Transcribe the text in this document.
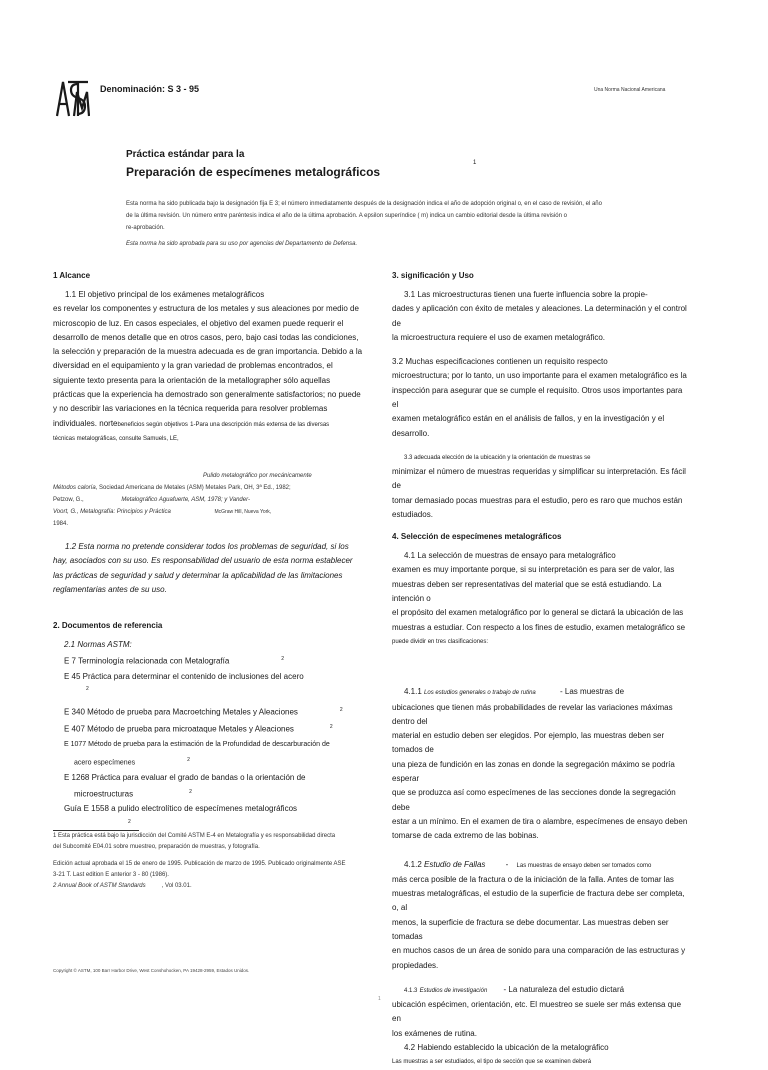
Denominación: S 3 - 95	Una Norma Nacional Americana
Práctica estándar para la
Preparación de especímenes metalográficos
1
Esta norma ha sido publicada bajo la designación fija E 3; el número inmediatamente después de la designación indica el año de adopción original o, en el caso de revisión, el año
de la última revisión. Un número entre paréntesis indica el año de la última aprobación. A epsilon superíndice ( m) indica un cambio editorial desde la última revisión o
re-aprobación.
Esta norma ha sido aprobada para su uso por agencias del Departamento de Defensa.
1 Alcance
1.1 El objetivo principal de los exámenes metalográficos
es revelar los componentes y estructura de los metales y sus aleaciones por medio de
microscopio de luz. En casos especiales, el objetivo del examen puede requerir el
desarrollo de menos detalle que en otros casos, pero, bajo casi todas las condiciones,
la selección y preparación de la muestra adecuada es de gran importancia. Debido a la
diversidad en el equipamiento y la gran variedad de problemas encontrados, el
siguiente texto presenta para la orientación de la metallographer sólo aquellas
prácticas que la experiencia ha demostrado son generalmente satisfactorios; no puede
y no describir las variaciones en la técnica requerida para resolver problemas
individuales. nortebeneficios según objetivos 1-Para una descripción más extensa de las diversas
técnicas metalográficas, consulte Samuels, LE,
Pulido metalográfico por mecánicamente
Métodos caloría, Sociedad Americana de Metales (ASM) Metales Park, OH, 3ª Ed., 1982;
Petzow, G.,	Metalográfico Aguafuerte, ASM, 1978; y Vander-
Voort, G., Metalografía: Principios y Práctica	McGraw Hill, Nueva York,
1984.
1.2 Esta norma no pretende considerar todos los problemas de seguridad, si los
hay, asociados con su uso. Es responsabilidad del usuario de esta norma establecer
las prácticas de seguridad y salud y determinar la aplicabilidad de las limitaciones
reglamentarias antes de su uso.
2. Documentos de referencia
2.1 Normas ASTM:
E 7 Terminología relacionada con Metalografía	$^2$
E 45 Práctica para determinar el contenido de inclusiones del acero
$^2$
E 340 Método de prueba para Macroetching Metales y Aleaciones	$^2$
E 407 Método de prueba para microataque Metales y Aleaciones	$^2$
E 1077 Método de prueba para la estimación de la Profundidad de descarburación de
acero especímenes	$^2$
E 1268 Práctica para evaluar el grado de bandas o la orientación de
microestructuras	$^2$
Guía E 1558 a pulido electrolítico de especímenes metalográficos
$^2$
1 Esta práctica está bajo la jurisdicción del Comité ASTM E-4 en Metalografía y es responsabilidad directa
del Subcomité E04.01 sobre muestreo, preparación de muestras, y fotografía.
Edición actual aprobada el 15 de enero de 1995. Publicación de marzo de 1995. Publicado originalmente ASE
3-21 T. Last edition E anterior 3 - 80 (1986).
2 Annual Book of ASTM Standards	, Vol 03.01.
3. significación y Uso
3.1 Las microestructuras tienen una fuerte influencia sobre la propie-
dades y aplicación con éxito de metales y aleaciones. La determinación y el control de
la microestructura requiere el uso de examen metalográfico.
3.2 Muchas especificaciones contienen un requisito respecto
microestructura; por lo tanto, un uso importante para el examen metalográfico es la
inspección para asegurar que se cumple el requisito. Otros usos importantes para el
examen metalográfico están en el análisis de fallos, y en la investigación y el desarrollo.
3.3 adecuada elección de la ubicación y la orientación de muestras se
minimizar el número de muestras requeridas y simplificar su interpretación. Es fácil de
tomar demasiado pocas muestras para el estudio, pero es raro que muchos están
estudiados.
4. Selección de especímenes metalográficos
4.1 La selección de muestras de ensayo para metalográfico
examen es muy importante porque, si su interpretación es para ser de valor, las
muestras deben ser representativas del material que se está estudiando. La intención o
el propósito del examen metalográfico por lo general se dictará la ubicación de las
muestras a estudiar. Con respecto a los fines de estudio, examen metalográfico se
puede dividir en tres clasificaciones:
4.1.1 Los estudios generales o trabajo de rutina	- Las muestras de
ubicaciones que tienen más probabilidades de revelar las variaciones máximas dentro del
material en estudio deben ser elegidos. Por ejemplo, las muestras deben ser tomados de
una pieza de fundición en las zonas en donde la segregación máximo se podría esperar
que se produzca así como especímenes de las secciones donde la segregación debe
estar a un mínimo. En el examen de tira o alambre, especímenes de ensayo deben
tomarse de cada extremo de las bobinas.
4.1.2 Estudio de Fallas	- Las muestras de ensayo deben ser tomados como
más cerca posible de la fractura o de la iniciación de la falla. Antes de tomar las
muestras metalográficas, el estudio de la superficie de fractura debe ser completa, o, al
menos, la superficie de fractura se debe documentar. Las muestras deben ser tomadas
en muchos casos de un área de sonido para una comparación de las estructuras y
propiedades.
4.1.3 Estudios de investigación - La naturaleza del estudio dictará
ubicación espécimen, orientación, etc. El muestreo se suele ser más extensa que en
los exámenes de rutina.
4.2 Habiendo establecido la ubicación de la metalográfico
Las muestras a ser estudiados, el tipo de sección que se examinen deberá
Copyright © ASTM, 100 Barr Harbor Drive, West Conshohocken, PA 19428-2959, Estados Unidos.
1
